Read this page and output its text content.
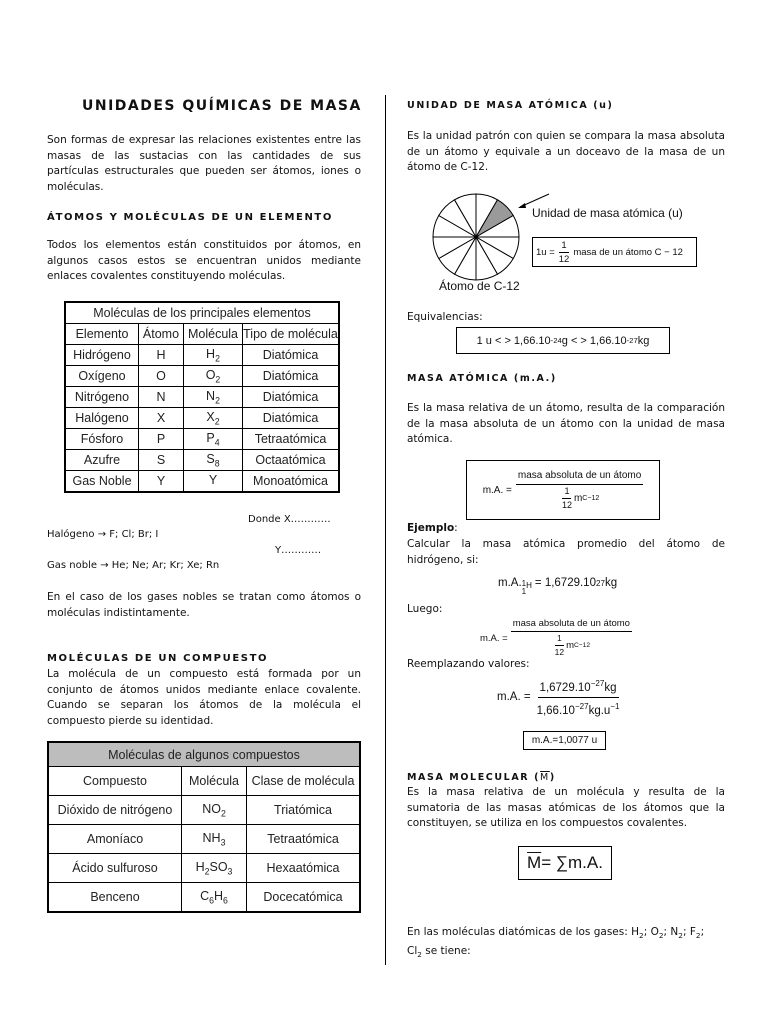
UNIDADES QUÍMICAS DE MASA
Son formas de expresar las relaciones existentes entre las masas de las sustacias con las cantidades de sus partículas estructurales que pueden ser átomos, iones o moléculas.
ÁTOMOS Y MOLÉCULAS DE UN ELEMENTO
Todos los elementos están constituidos por átomos, en algunos casos estos se encuentran unidos mediante enlaces covalentes constituyendo moléculas.
Moléculas de los principales elementos			
Elemento	Átomo	Molécula	Tipo de molécula
Hidrógeno	H	$H_2$	Diatómica
Oxígeno	O	$O_2$	Diatómica
Nitrógeno	N	$N_2$	Diatómica
Halógeno	X	$X_2$	Diatómica
Fósforo	P	$P_4$	Tetraatómica
Azufre	S	$S_8$	Octaatómica
Gas Noble	Y	Y	Monoatómica
Donde X…………
Halógeno → F; Cl; Br; I
Y…………
Gas noble → He; Ne; Ar; Kr; Xe; Rn
En el caso de los gases nobles se tratan como átomos o moléculas indistintamente.
MOLÉCULAS DE UN COMPUESTO
La molécula de un compuesto está formada por un conjunto de átomos unidos mediante enlace covalente. Cuando se separan los átomos de la molécula el compuesto pierde su identidad.
Moléculas de algunos compuestos		
Compuesto	Molécula	Clase de molécula
Dióxido de nitrógeno	$NO_2$	Triatómica
Amoníaco	$NH_3$	Tetraatómica
Ácido sulfuroso	$H_2SO_3$	Hexaatómica
Benceno	$C_6H_6$	Docecatómica
UNIDAD DE MASA ATÓMICA (u)
Es la unidad patrón con quien se compara la masa absoluta de un átomo y equivale a un doceavo de la masa de un átomo de C-12.
Unidad de masa atómica (u)
$1u = \frac{1}{12}$ masa de un átomo C − 12
Átomo de C-12
Equivalencias:
1 u < > 1,66.10 -24 g < > 1,66.10 -27 kg
MASA ATÓMICA (m.A.)
Es la masa relativa de un átomo, resulta de la comparación de la masa absoluta de un átomo con la unidad de masa atómica.
m.A. = $\frac{\text{masa absoluta de un átomo}}{\frac{1}{12} m C-12}$
Ejemplo:
Calcular la masa atómica promedio del átomo de hidrógeno, si:
m.A. 1
1
$^H$ = 1,6729.10 27 kg
Luego:
m.A. = $\frac{\text{masa absoluta de un átomo}}{\frac{1}{12} m C-12}$
Reemplazando valores:
m.A. = $\frac{1,6729.10^{-27}kg}{1,66.10^{-27}kg.u^{-1}}$
m.A.=1,0077 u
MASA MOLECULAR $(\overline{M})$
Es la masa relativa de un molécula y resulta de la sumatoria de las masas atómicas de los átomos que la constituyen, se utiliza en los compuestos covalentes.
$\overline{M} = \sum m.A$.
En las moléculas diatómicas de los gases: $H_2$; $O_2$; $N_2$; $F_2$;
$Cl_2$ se tiene:
